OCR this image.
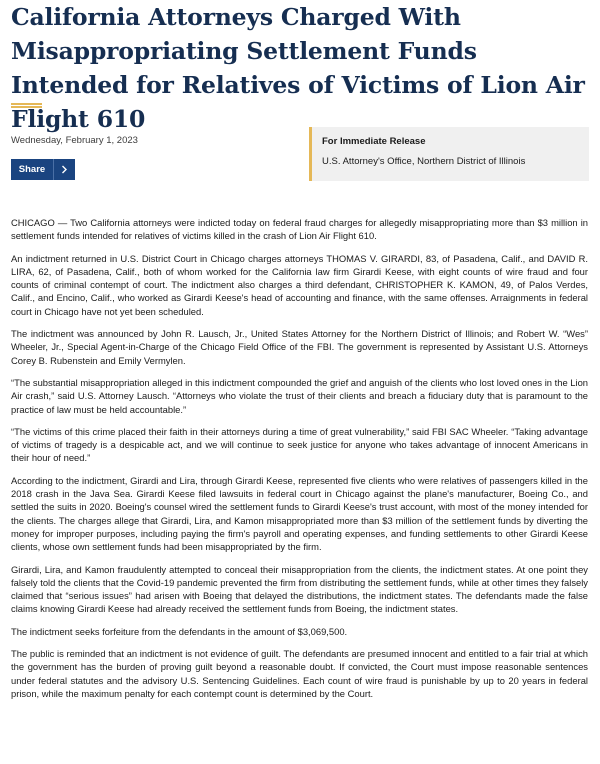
California Attorneys Charged With Misappropriating Settlement Funds Intended for Relatives of Victims of Lion Air Flight 610
Wednesday, February 1, 2023
Share

For Immediate Release

U.S. Attorney's Office, Northern District of Illinois

CHICAGO — Two California attorneys were indicted today on federal fraud charges for allegedly misappropriating more than $3 million in settlement funds intended for relatives of victims killed in the crash of Lion Air Flight 610.

An indictment returned in U.S. District Court in Chicago charges attorneys THOMAS V. GIRARDI, 83, of Pasadena, Calif., and DAVID R. LIRA, 62, of Pasadena, Calif., both of whom worked for the California law firm Girardi Keese, with eight counts of wire fraud and four counts of criminal contempt of court. The indictment also charges a third defendant, CHRISTOPHER K. KAMON, 49, of Palos Verdes, Calif., and Encino, Calif., who worked as Girardi Keese's head of accounting and finance, with the same offenses. Arraignments in federal court in Chicago have not yet been scheduled.

The indictment was announced by John R. Lausch, Jr., United States Attorney for the Northern District of Illinois; and Robert W. “Wes” Wheeler, Jr., Special Agent-in-Charge of the Chicago Field Office of the FBI. The government is represented by Assistant U.S. Attorneys Corey B. Rubenstein and Emily Vermylen.

“The substantial misappropriation alleged in this indictment compounded the grief and anguish of the clients who lost loved ones in the Lion Air crash,” said U.S. Attorney Lausch. “Attorneys who violate the trust of their clients and breach a fiduciary duty that is paramount to the practice of law must be held accountable.”

“The victims of this crime placed their faith in their attorneys during a time of great vulnerability,” said FBI SAC Wheeler. “Taking advantage of victims of tragedy is a despicable act, and we will continue to seek justice for anyone who takes advantage of innocent Americans in their hour of need.”

According to the indictment, Girardi and Lira, through Girardi Keese, represented five clients who were relatives of passengers killed in the 2018 crash in the Java Sea. Girardi Keese filed lawsuits in federal court in Chicago against the plane's manufacturer, Boeing Co., and settled the suits in 2020. Boeing's counsel wired the settlement funds to Girardi Keese's trust account, with most of the money intended for the clients. The charges allege that Girardi, Lira, and Kamon misappropriated more than $3 million of the settlement funds by diverting the money for improper purposes, including paying the firm's payroll and operating expenses, and funding settlements to other Girardi Keese clients, whose own settlement funds had been misappropriated by the firm.

Girardi, Lira, and Kamon fraudulently attempted to conceal their misappropriation from the clients, the indictment states. At one point they falsely told the clients that the Covid-19 pandemic prevented the firm from distributing the settlement funds, while at other times they falsely claimed that “serious issues” had arisen with Boeing that delayed the distributions, the indictment states. The defendants made the false claims knowing Girardi Keese had already received the settlement funds from Boeing, the indictment states.

The indictment seeks forfeiture from the defendants in the amount of $3,069,500.

The public is reminded that an indictment is not evidence of guilt. The defendants are presumed innocent and entitled to a fair trial at which the government has the burden of proving guilt beyond a reasonable doubt. If convicted, the Court must impose reasonable sentences under federal statutes and the advisory U.S. Sentencing Guidelines. Each count of wire fraud is punishable by up to 20 years in federal prison, while the maximum penalty for each contempt count is determined by the Court.
